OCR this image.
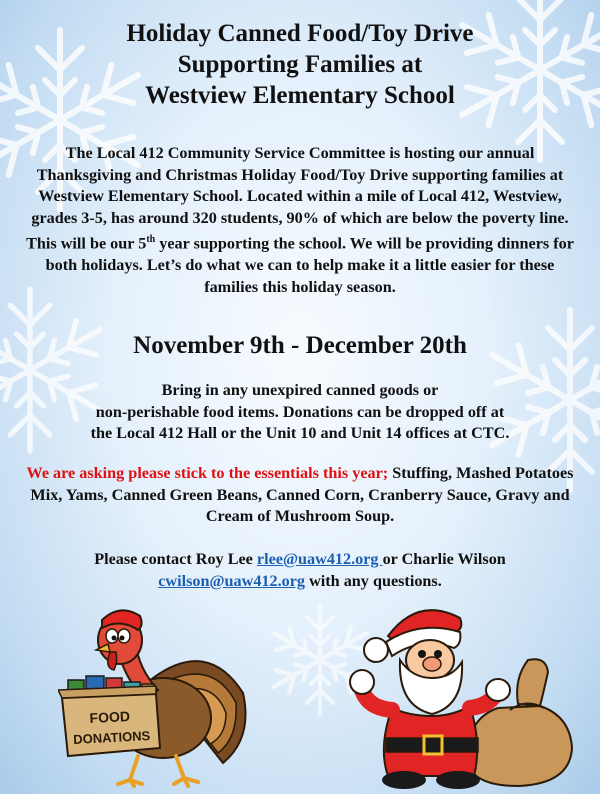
Holiday Canned Food/Toy Drive
Supporting Families at
Westview Elementary School

The Local 412 Community Service Committee is hosting our annual Thanksgiving and Christmas Holiday Food/Toy Drive supporting families at Westview Elementary School. Located within a mile of Local 412, Westview, grades 3-5, has around 320 students, 90% of which are below the poverty line. This will be our 5th year supporting the school. We will be providing dinners for both holidays. Let’s do what we can to help make it a little easier for these families this holiday season.

November 9th - December 20th

Bring in any unexpired canned goods or
non-perishable food items. Donations can be dropped off at
the Local 412 Hall or the Unit 10 and Unit 14 offices at CTC.

We are asking please stick to the essentials this year; Stuffing, Mashed Potatoes Mix, Yams, Canned Green Beans, Canned Corn, Cranberry Sauce, Gravy and Cream of Mushroom Soup.

Please contact Roy Lee rlee@uaw412.org or Charlie Wilson
cwilson@uaw412.org with any questions.

FOOD
DONATIONS
